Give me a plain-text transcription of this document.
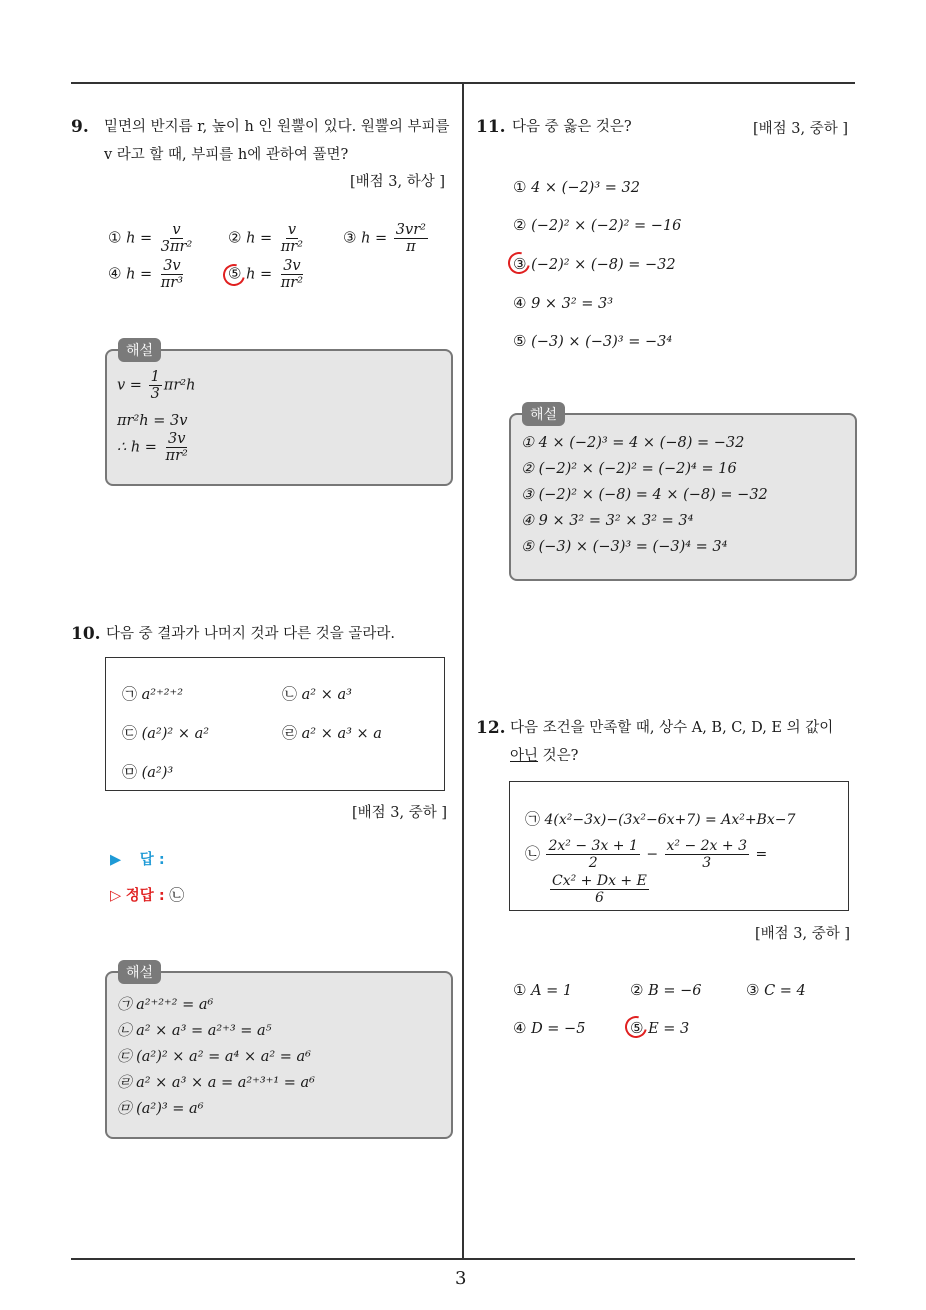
3
9. 밑면의 반지름 r, 높이 h 인 원뿔이 있다. 원뿔의 부피를
v 라고 할 때, 부피를 h에 관하여 풀면?
[배점 3, 하상 ]
① $h = \frac{v}{\text{3πr²}}$ ② $h = \frac{v}{\text{πr²}}$	③ $h = \frac{\text{3vr²}}{\pi}$
④ $h = \frac{3v}{\text{πr³}}$	⑤ $h = \frac{3v}{\text{πr²}}$
$v = \frac{1}{3} \pi r^2h$
πr²h = 3v
∴ $h = \frac{3v}{\text{πr²}}$
해설
10. 다음 중 결과가 나머지 것과 다른 것을 골라라.
㉠ a²⁺²⁺²	㉡ a² × a³
㉢ (a²)² × a²	㉣ a² × a³ × a
㉤ (a²)³
[배점 3, 중하 ]
▶ 답 :
▷ 정답 : ㉡
㉠ a²⁺²⁺² = a⁶
㉡ a² × a³ = a²⁺³ = a⁵
㉢ (a²)² × a² = a⁴ × a² = a⁶
㉣ a² × a³ × a = a²⁺³⁺¹ = a⁶
㉤ (a²)³ = a⁶
해설
11. 다음 중 옳은 것은?	[배점 3, 중하 ]
① 4 × (−2)³ = 32
② (−2)² × (−2)² = −16
③ (−2)² × (−8) = −32
④ 9 × 3² = 3³
⑤ (−3) × (−3)³ = −3⁴
① 4 × (−2)³ = 4 × (−8) = −32
② (−2)² × (−2)² = (−2)⁴ = 16
③ (−2)² × (−8) = 4 × (−8) = −32
④ 9 × 3² = 3² × 3² = 3⁴
⑤ (−3) × (−3)³ = (−3)⁴ = 3⁴
해설
12. 다음 조건을 만족할 때, 상수 A, B, C, D, E 의 값이
아닌 것은?
㉠ 4(x²−3x)−(3x²−6x+7) = Ax²+Bx−7
㉡ $\frac{\text{2x² − 3x + 1}}{2} - \frac{\text{x² − 2x + 3}}{3}$ =
$\frac{\text{Cx² + Dx + E}}{6}$
[배점 3, 중하 ]
① A = 1	② B = −6	③ C = 4
④ D = −5	⑤ E = 3
